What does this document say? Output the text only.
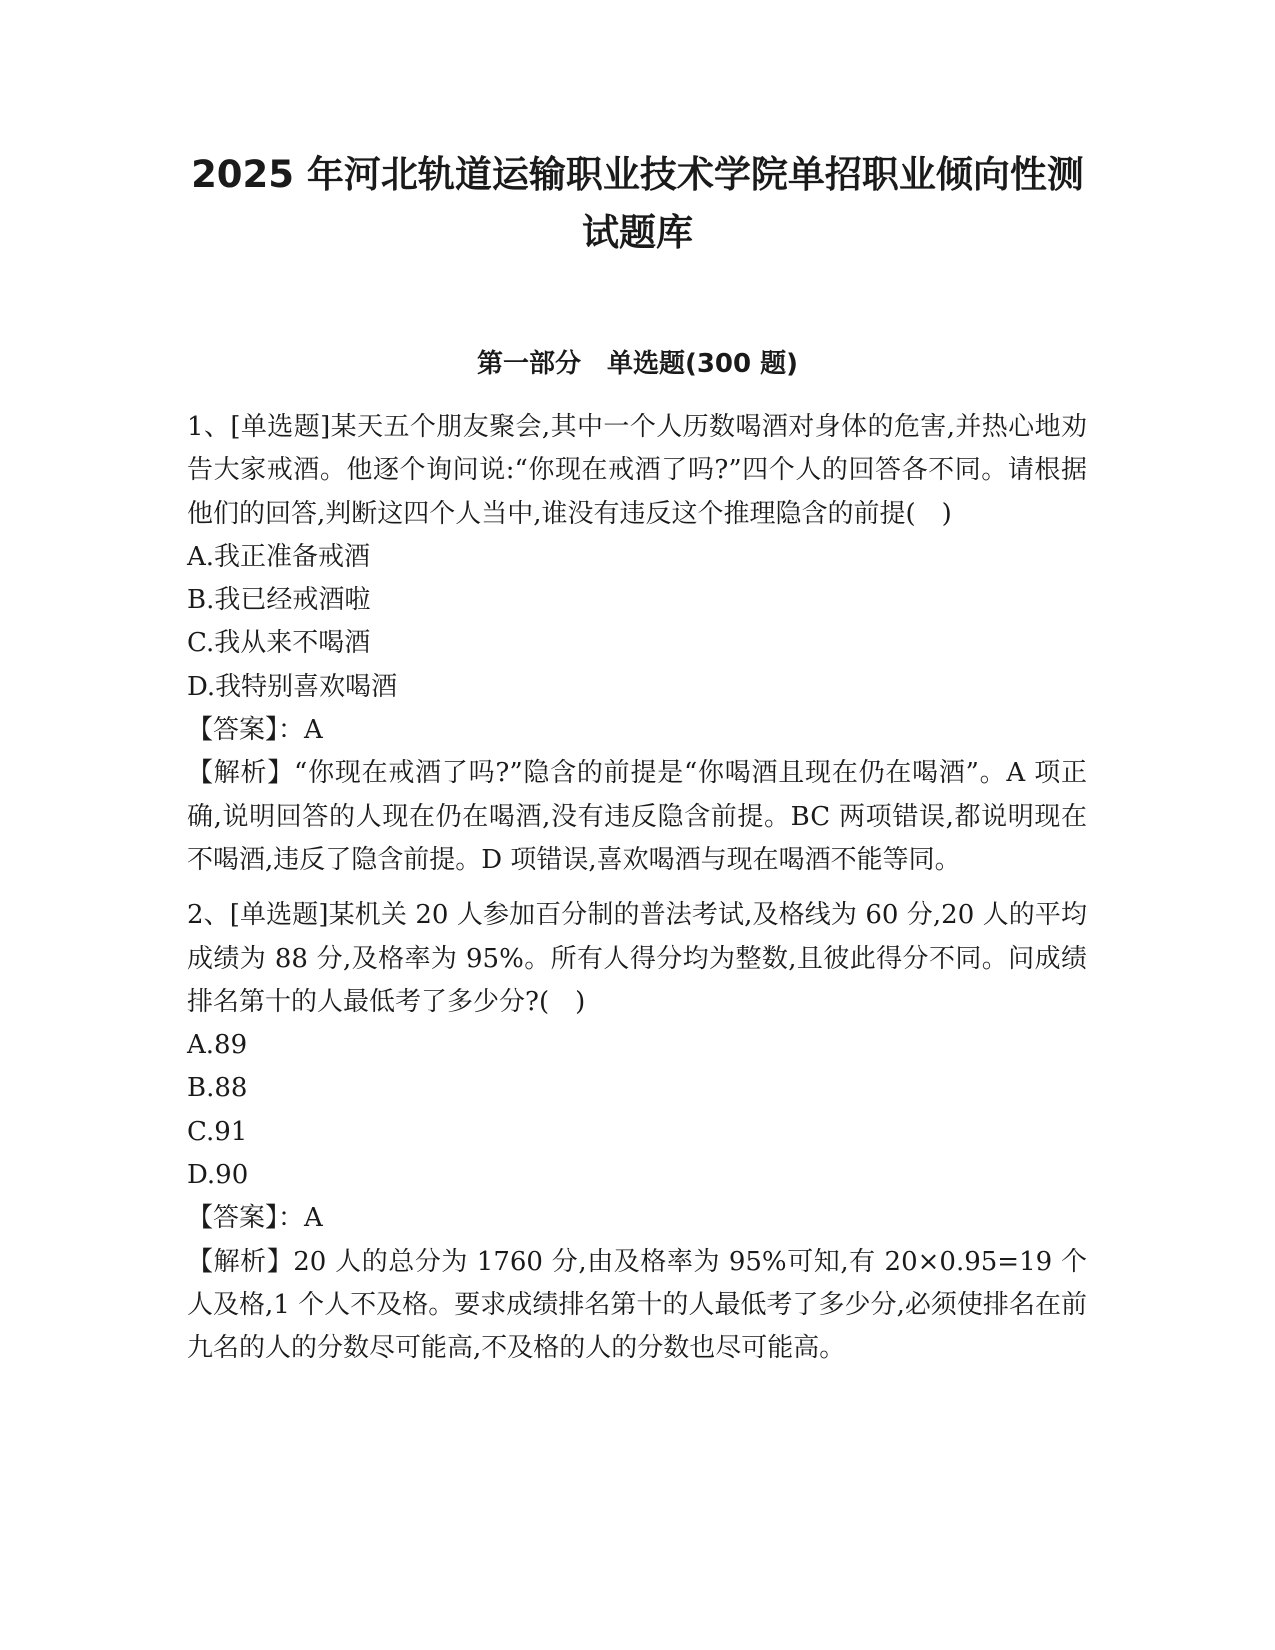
2025 年河北轨道运输职业技术学院单招职业倾向性测
试题库
第一部分　单选题(300 题)

1、[单选题]某天五个朋友聚会,其中一个人历数喝酒对身体的危害,并热心地劝告大家戒酒。他逐个询问说:“你现在戒酒了吗?”四个人的回答各不同。请根据他们的回答,判断这四个人当中,谁没有违反这个推理隐含的前提(　)

A.我正准备戒酒
B.我已经戒酒啦
C.我从来不喝酒
D.我特别喜欢喝酒

【答案】：A

【解析】“你现在戒酒了吗?”隐含的前提是“你喝酒且现在仍在喝酒”。A 项正确,说明回答的人现在仍在喝酒,没有违反隐含前提。BC 两项错误,都说明现在不喝酒,违反了隐含前提。D 项错误,喜欢喝酒与现在喝酒不能等同。

2、[单选题]某机关 20 人参加百分制的普法考试,及格线为 60 分,20 人的平均成绩为 88 分,及格率为 95%。所有人得分均为整数,且彼此得分不同。问成绩排名第十的人最低考了多少分?(　)

A.89
B.88
C.91
D.90

【答案】：A

【解析】20 人的总分为 1760 分,由及格率为 95%可知,有 20×0.95=19 个人及格,1 个人不及格。要求成绩排名第十的人最低考了多少分,必须使排名在前九名的人的分数尽可能高,不及格的人的分数也尽可能高。
